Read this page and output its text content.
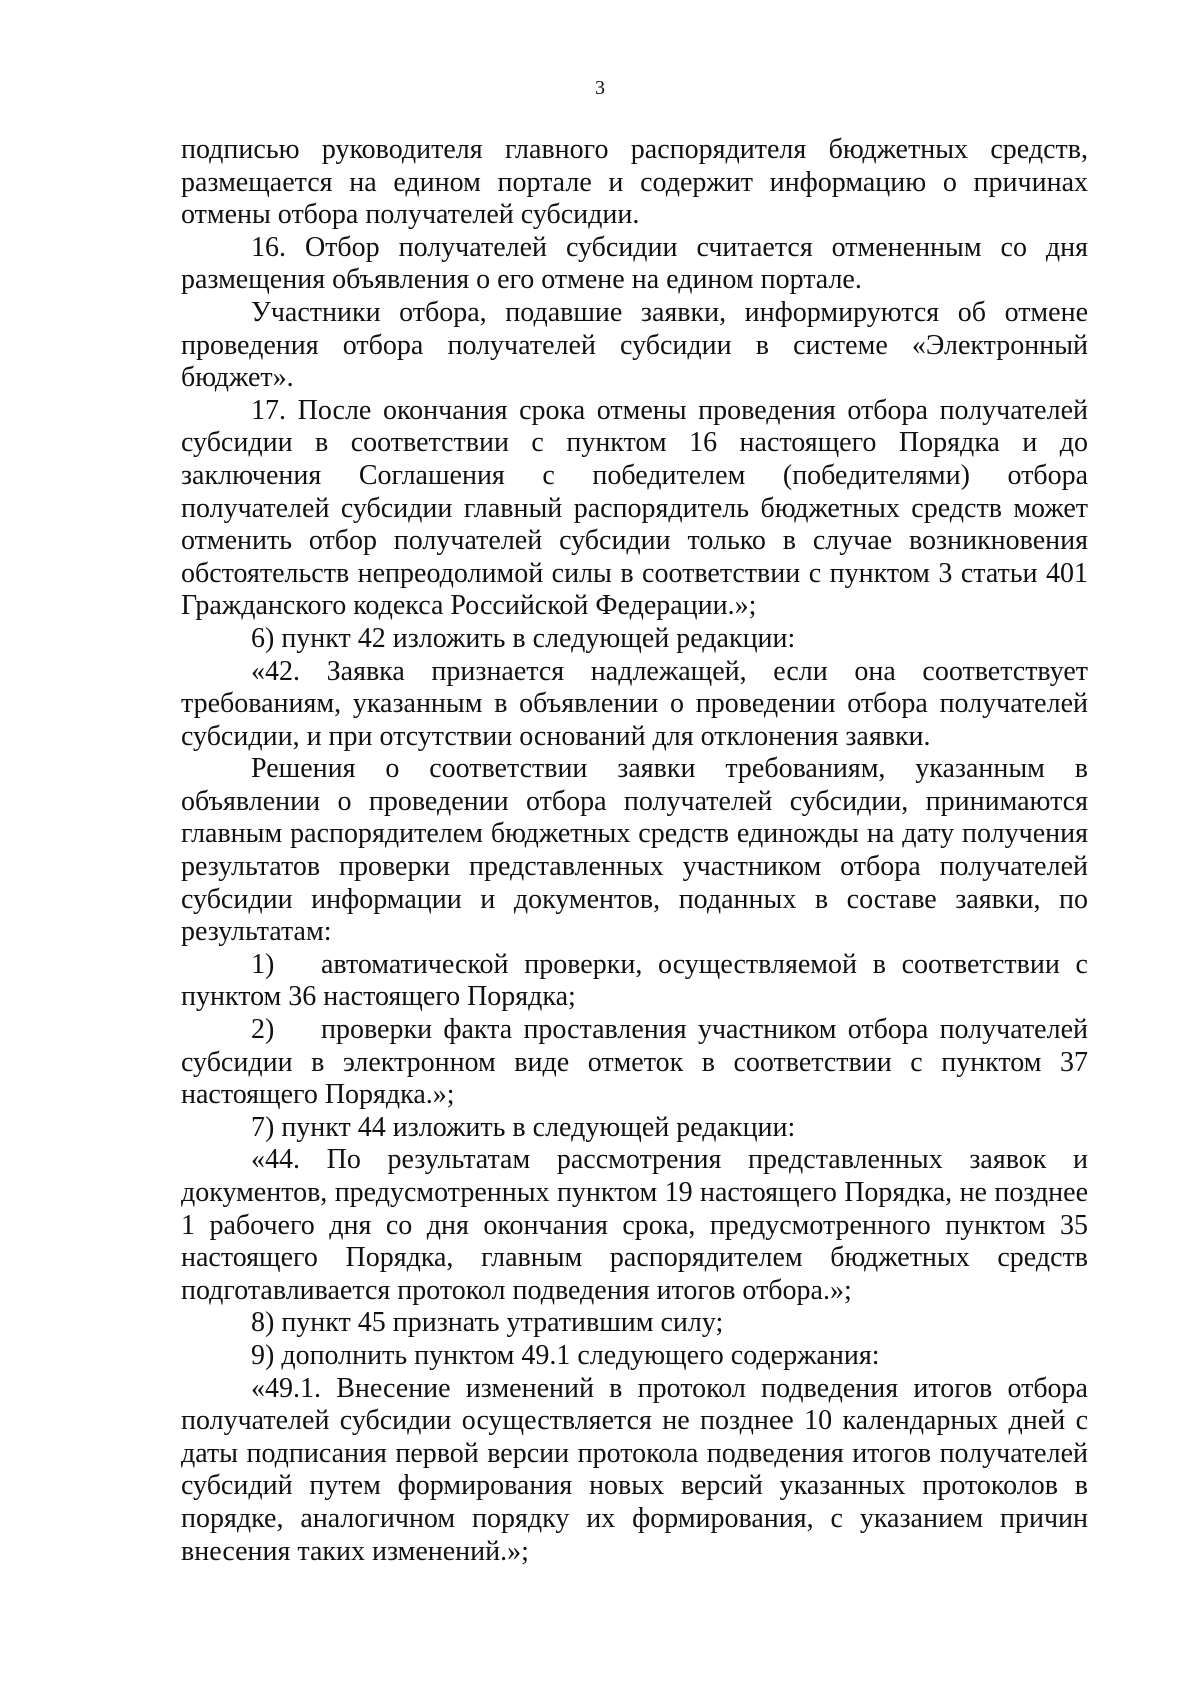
3

подписью руководителя главного распорядителя бюджетных средств, размещается на едином портале и содержит информацию о причинах отмены отбора получателей субсидии.

16. Отбор получателей субсидии считается отмененным со дня размещения объявления о его отмене на едином портале.

Участники отбора, подавшие заявки, информируются об отмене проведения отбора получателей субсидии в системе «Электронный бюджет».

17. После окончания срока отмены проведения отбора получателей субсидии в соответствии с пунктом 16 настоящего Порядка и до заключения Соглашения с победителем (победителями) отбора получателей субсидии главный распорядитель бюджетных средств может отменить отбор получателей субсидии только в случае возникновения обстоятельств непреодолимой силы в соответствии с пунктом 3 статьи 401 Гражданского кодекса Российской Федерации.»;

6) пункт 42 изложить в следующей редакции:

«42. Заявка признается надлежащей, если она соответствует требованиям, указанным в объявлении о проведении отбора получателей субсидии, и при отсутствии оснований для отклонения заявки.

Решения о соответствии заявки требованиям, указанным в объявлении о проведении отбора получателей субсидии, принимаются главным распорядителем бюджетных средств единожды на дату получения результатов проверки представленных участником отбора получателей субсидии информации и документов, поданных в составе заявки, по результатам:

1)	автоматической проверки, осуществляемой в соответствии с

пунктом 36 настоящего Порядка;

2)	проверки факта проставления участником отбора получателей

субсидии в электронном виде отметок в соответствии с пунктом 37 настоящего Порядка.»;

7) пункт 44 изложить в следующей редакции:

«44. По результатам рассмотрения представленных заявок и документов, предусмотренных пунктом 19 настоящего Порядка, не позднее 1 рабочего дня со дня окончания срока, предусмотренного пунктом 35 настоящего Порядка, главным распорядителем бюджетных средств подготавливается протокол подведения итогов отбора.»;

8) пункт 45 признать утратившим силу;

9) дополнить пунктом 49.1 следующего содержания:

«49.1. Внесение изменений в протокол подведения итогов отбора получателей субсидии осуществляется не позднее 10 календарных дней с даты подписания первой версии протокола подведения итогов получателей субсидий путем формирования новых версий указанных протоколов в порядке, аналогичном порядку их формирования, с указанием причин внесения таких изменений.»;
